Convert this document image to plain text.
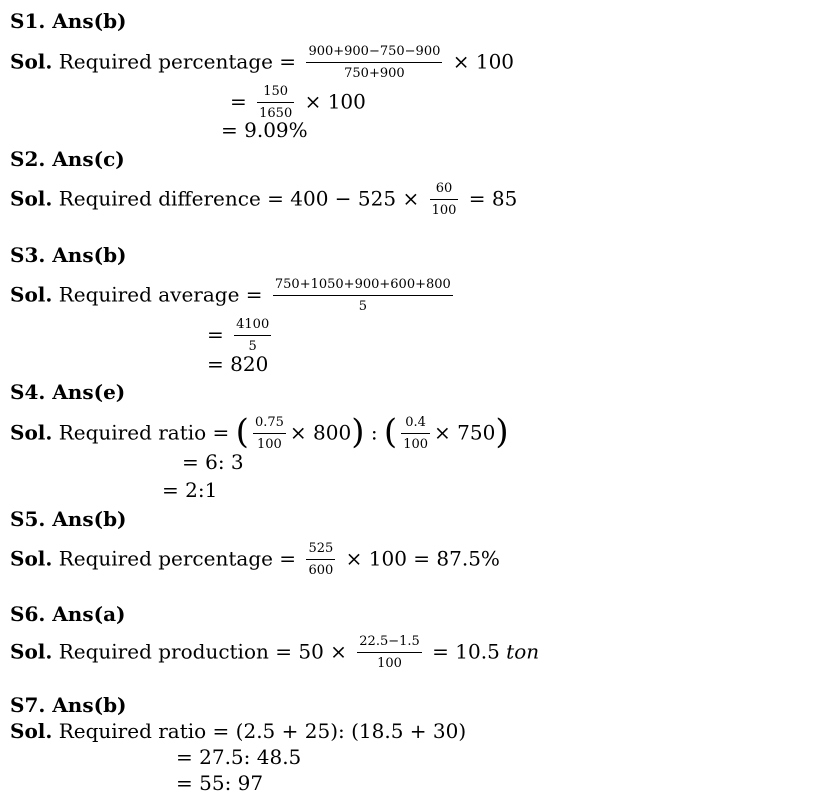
S1. Ans(b)
Sol. Required percentage = $\frac{900+900-750-900}{750+900} \times 100$
= $\frac{150}{1650} \times 100$
= 9.09%
S2. Ans(c)
Sol. Required difference = $400 - 525 \times \frac{60}{100} = 85$
S3. Ans(b)
Sol. Required average = $\frac{750+1050+900+600+800}{5}$
= $\frac{4100}{5}$
= 820
S4. Ans(e)
Sol. Required ratio = ( $\frac{0.75}{100} \times 800$) : ( $\frac{0.4}{100} \times 750$)
= 6: 3
= 2:1
S5. Ans(b)
Sol. Required percentage = $\frac{525}{600} \times 100 = 87.5\%$
S6. Ans(a)
Sol. Required production = $50 \times \frac{22.5-1.5}{100} = 10.5$ ton
S7. Ans(b)
Sol. Required ratio = (2.5 + 25): (18.5 + 30)
= 27.5: 48.5
= 55: 97
